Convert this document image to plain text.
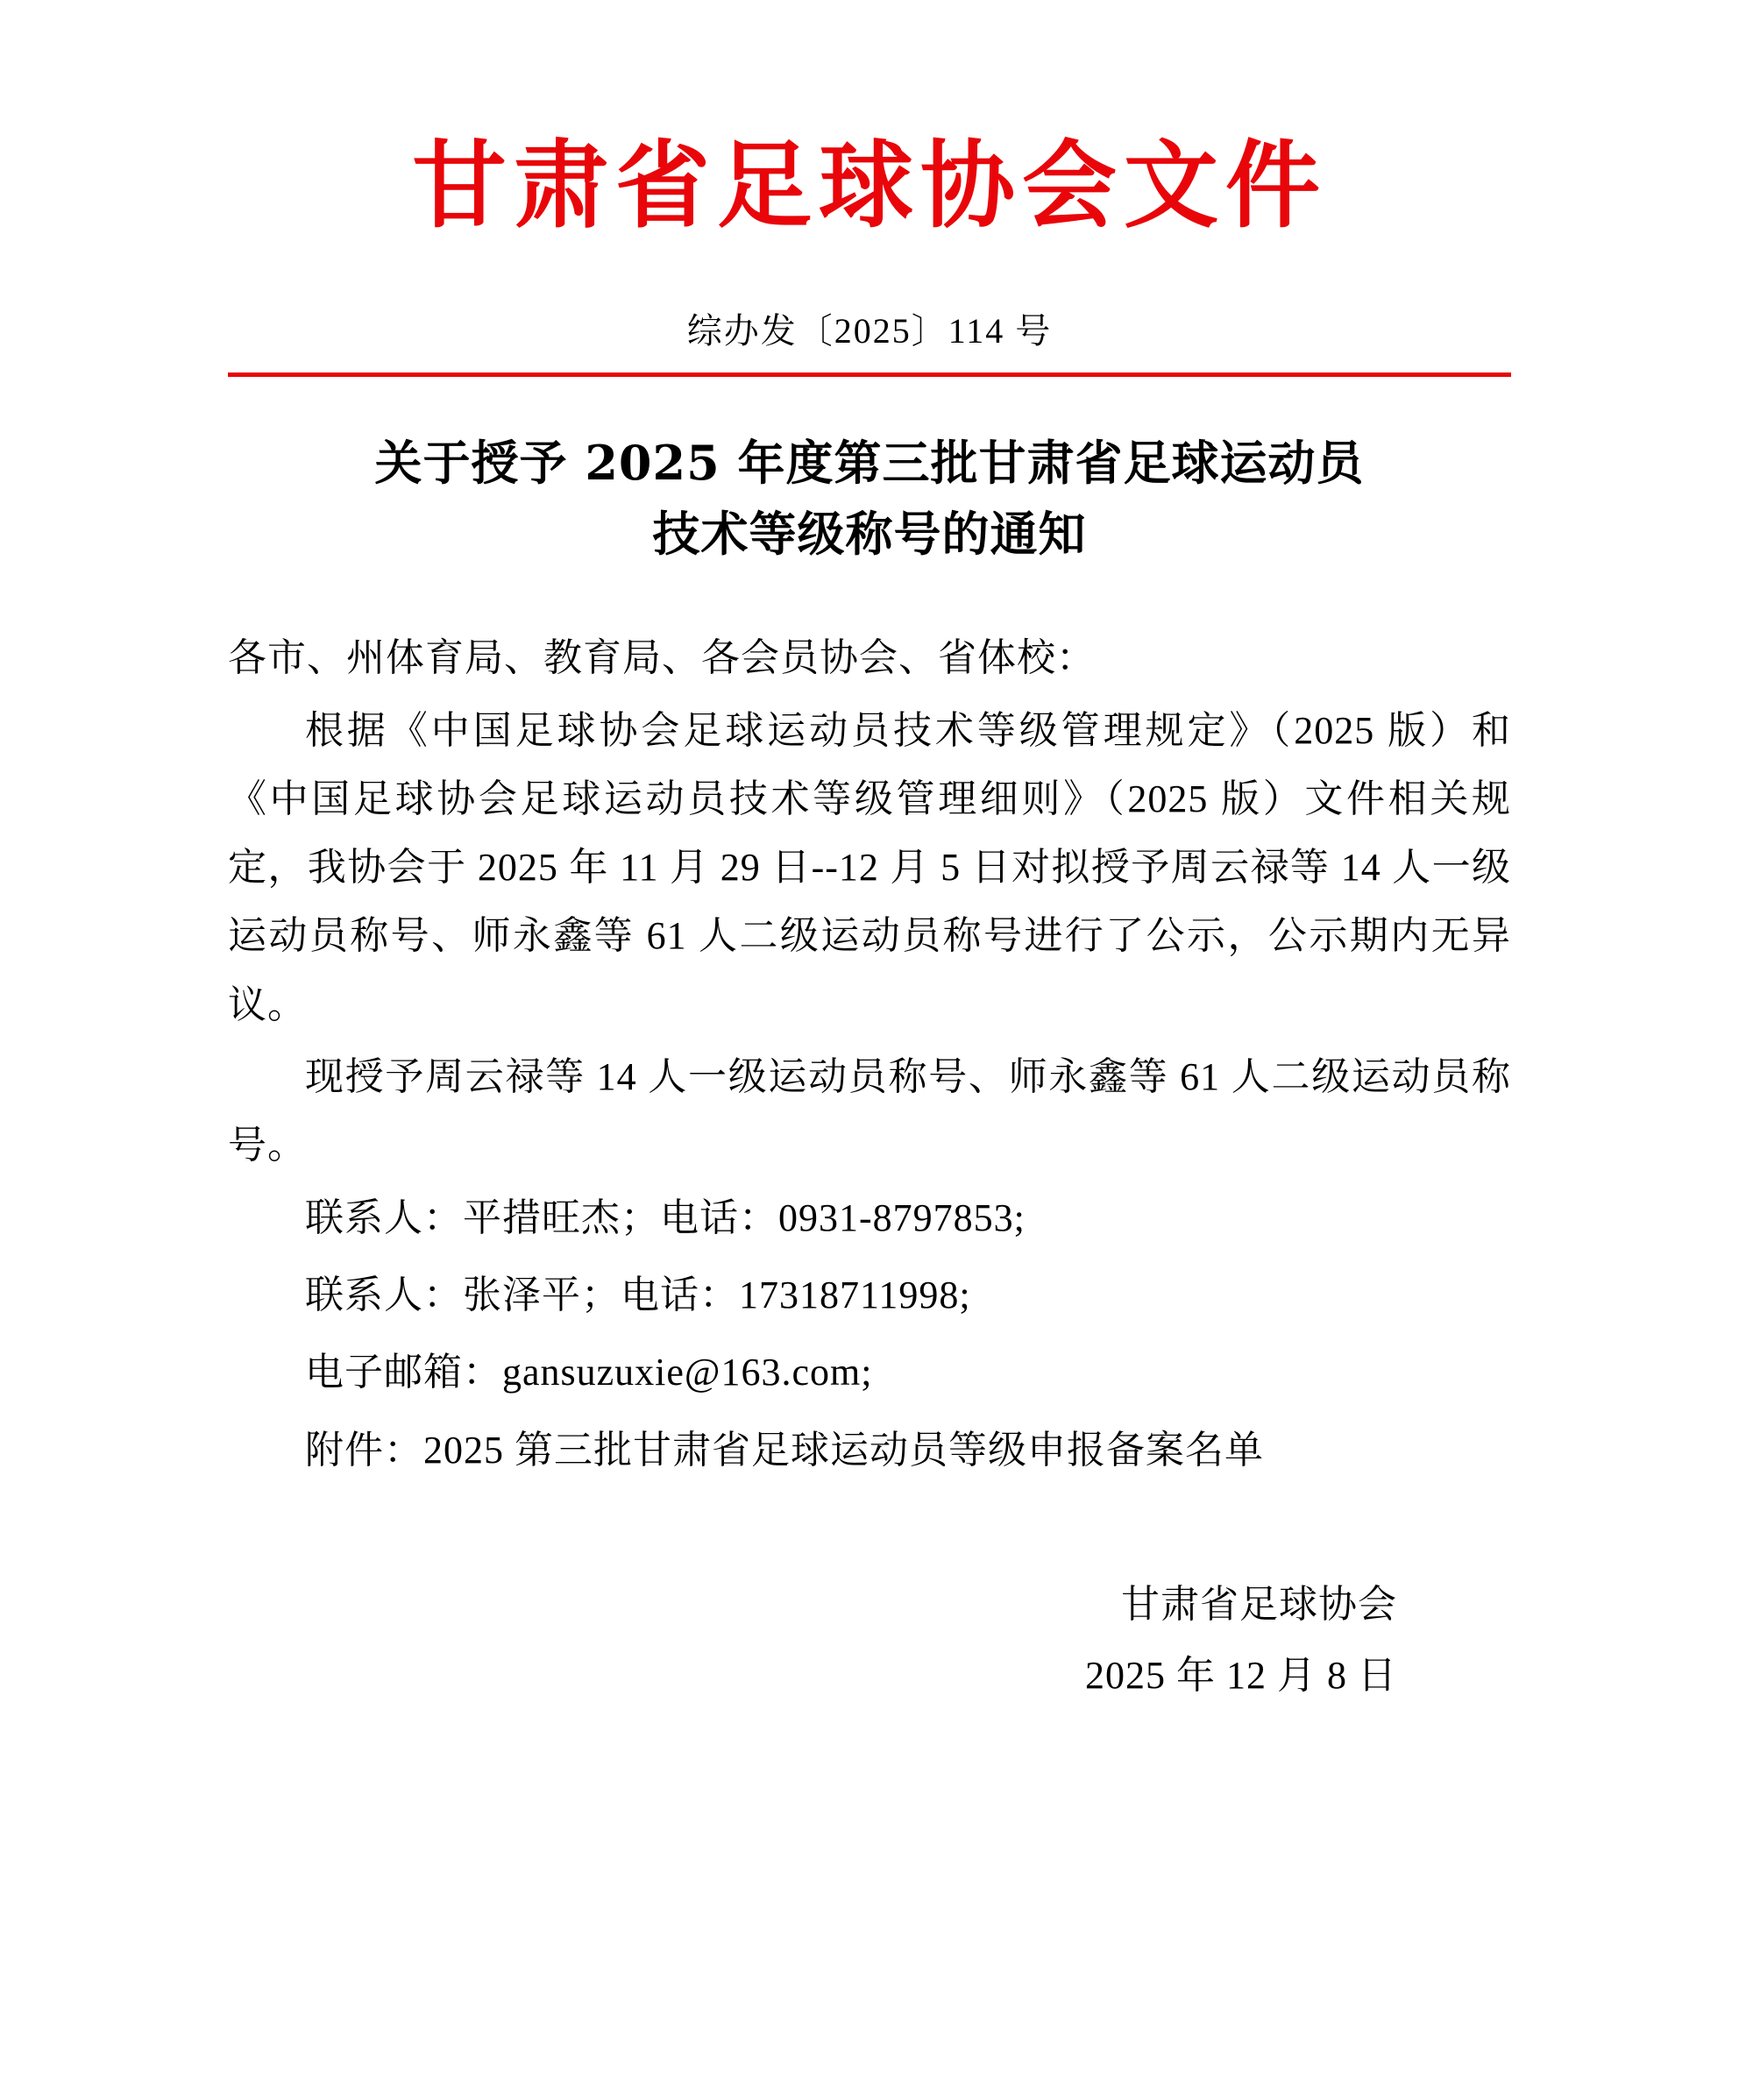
甘肃省足球协会文件
综办发〔2025〕114 号
关于授予 2025 年度第三批甘肃省足球运动员
技术等级称号的通知

各市、州体育局、教育局、各会员协会、省体校：

根据《中国足球协会足球运动员技术等级管理规定》（2025 版）和《中国足球协会足球运动员技术等级管理细则》（2025 版）文件相关规定，我协会于 2025 年 11 月 29 日--12 月 5 日对拟授予周云禄等 14 人一级运动员称号、师永鑫等 61 人二级运动员称号进行了公示，公示期内无异议。

现授予周云禄等 14 人一级运动员称号、师永鑫等 61 人二级运动员称号。

联系人：平措旺杰；电话：0931-8797853;

联系人：张泽平；电话：17318711998;

电子邮箱：gansuzuxie@163.com;

附件：2025 第三批甘肃省足球运动员等级申报备案名单

甘肃省足球协会
2025 年 12 月 8 日
